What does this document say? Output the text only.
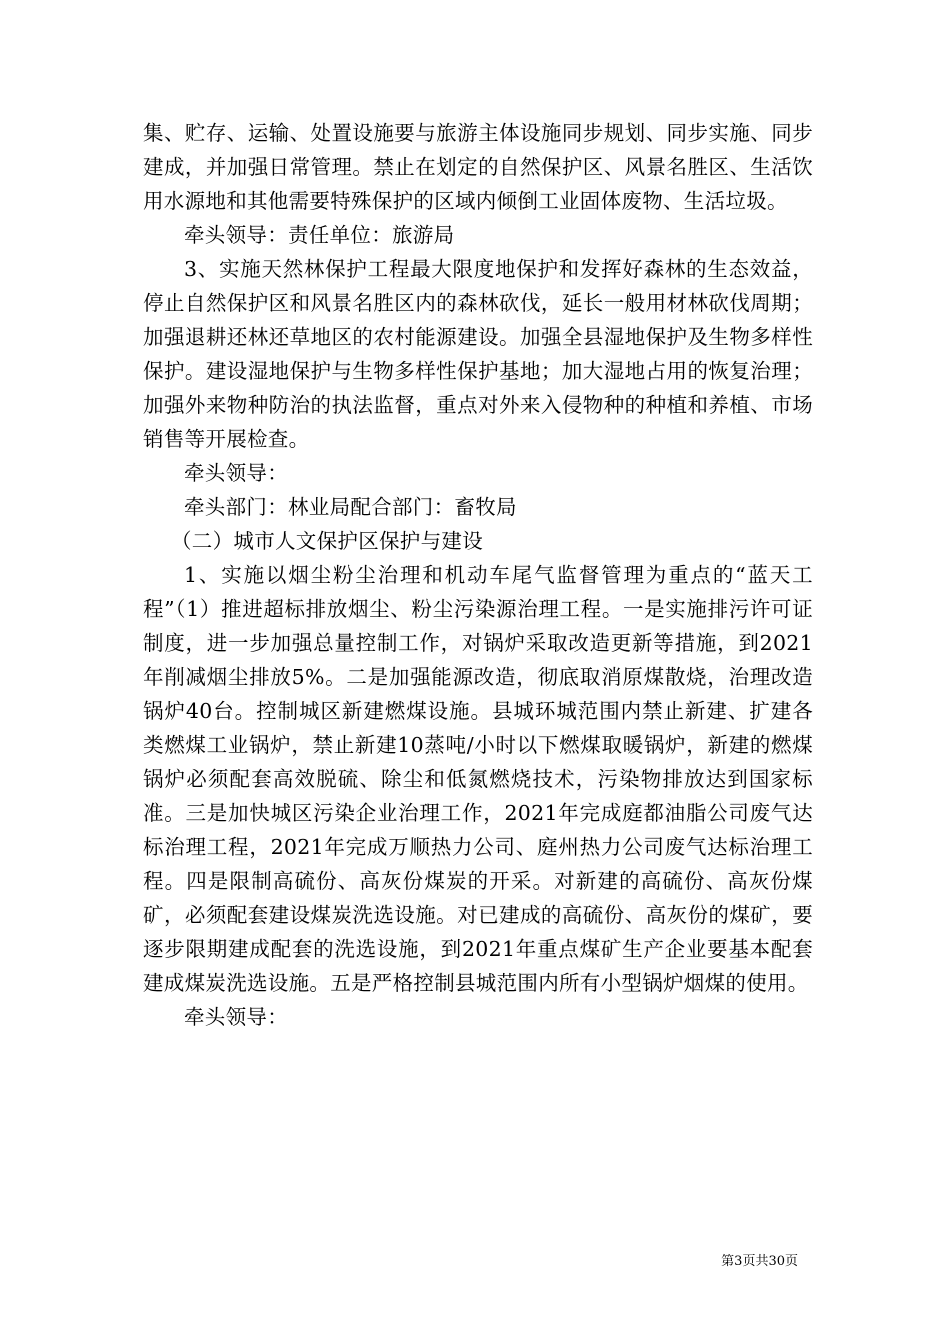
集、贮存、运输、处置设施要与旅游主体设施同步规划、同步实施、同步建成，并加强日常管理。禁止在划定的自然保护区、风景名胜区、生活饮用水源地和其他需要特殊保护的区域内倾倒工业固体废物、生活垃圾。

牵头领导：责任单位：旅游局

3、实施天然林保护工程最大限度地保护和发挥好森林的生态效益，停止自然保护区和风景名胜区内的森林砍伐，延长一般用材林砍伐周期；加强退耕还林还草地区的农村能源建设。加强全县湿地保护及生物多样性保护。建设湿地保护与生物多样性保护基地；加大湿地占用的恢复治理；加强外来物种防治的执法监督，重点对外来入侵物种的种植和养植、市场销售等开展检查。

牵头领导：

牵头部门：林业局配合部门：畜牧局

（二）城市人文保护区保护与建设

1、实施以烟尘粉尘治理和机动车尾气监督管理为重点的“蓝天工程”（1）推进超标排放烟尘、粉尘污染源治理工程。一是实施排污许可证制度，进一步加强总量控制工作，对锅炉采取改造更新等措施，到2021年削减烟尘排放5%。二是加强能源改造，彻底取消原煤散烧，治理改造锅炉40台。控制城区新建燃煤设施。县城环城范围内禁止新建、扩建各类燃煤工业锅炉，禁止新建10蒸吨/小时以下燃煤取暖锅炉，新建的燃煤锅炉必须配套高效脱硫、除尘和低氮燃烧技术，污染物排放达到国家标准。三是加快城区污染企业治理工作，2021年完成庭都油脂公司废气达标治理工程，2021年完成万顺热力公司、庭州热力公司废气达标治理工程。四是限制高硫份、高灰份煤炭的开采。对新建的高硫份、高灰份煤矿，必须配套建设煤炭洗选设施。对已建成的高硫份、高灰份的煤矿，要逐步限期建成配套的洗选设施，到2021年重点煤矿生产企业要基本配套建成煤炭洗选设施。五是严格控制县城范围内所有小型锅炉烟煤的使用。

牵头领导：

第3页共30页
